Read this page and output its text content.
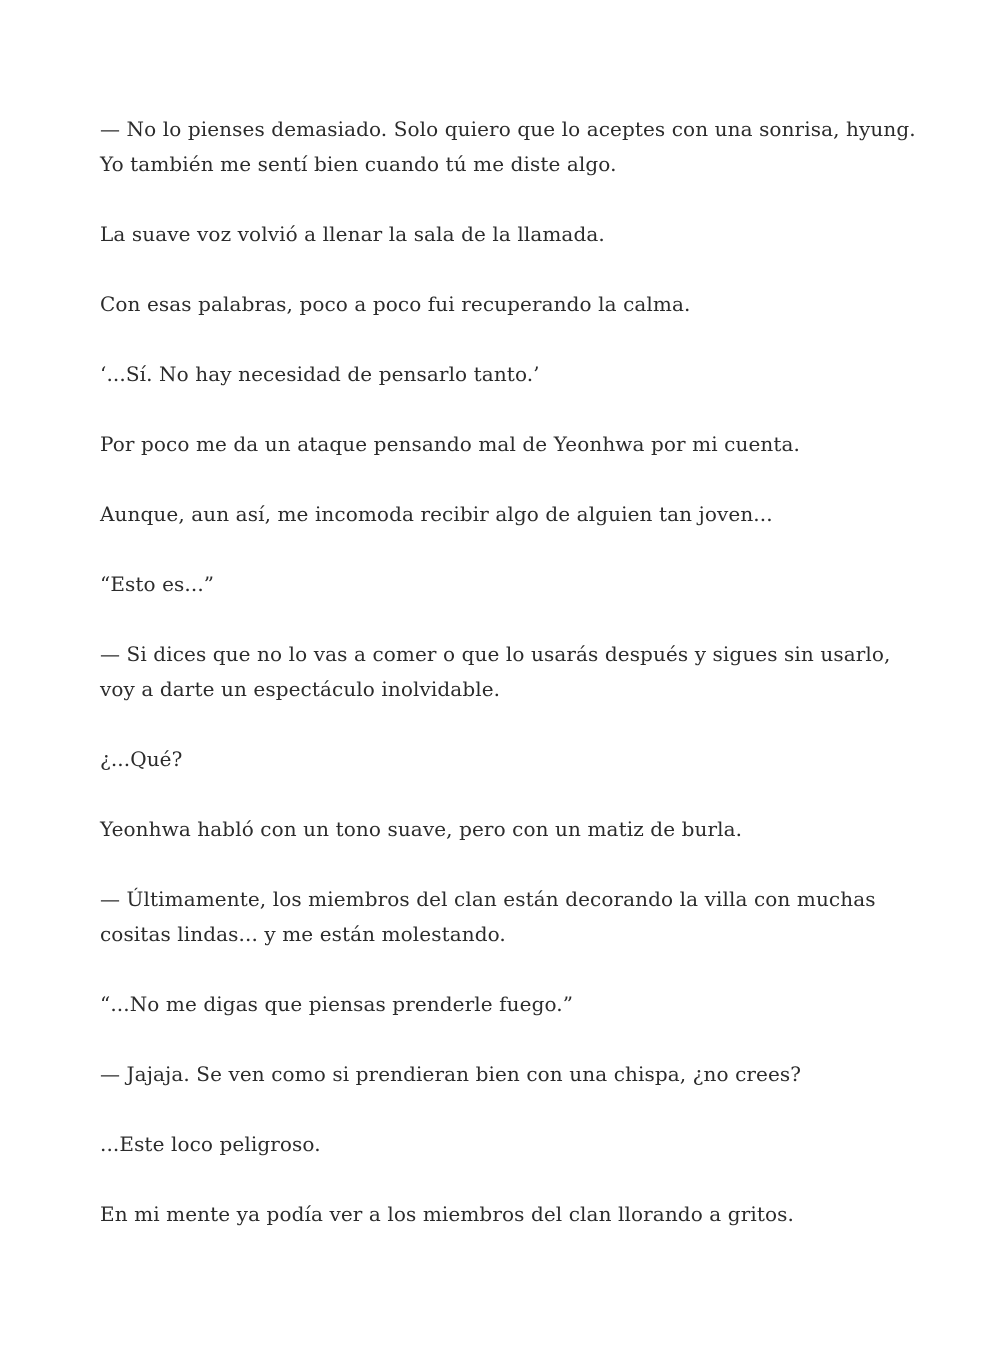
— No lo pienses demasiado. Solo quiero que lo aceptes con una sonrisa, hyung. Yo también me sentí bien cuando tú me diste algo.

La suave voz volvió a llenar la sala de la llamada.

Con esas palabras, poco a poco fui recuperando la calma.

‘...Sí. No hay necesidad de pensarlo tanto.’

Por poco me da un ataque pensando mal de Yeonhwa por mi cuenta.

Aunque, aun así, me incomoda recibir algo de alguien tan joven...

“Esto es...”

— Si dices que no lo vas a comer o que lo usarás después y sigues sin usarlo, voy a darte un espectáculo inolvidable.

¿...Qué?

Yeonhwa habló con un tono suave, pero con un matiz de burla.

— Últimamente, los miembros del clan están decorando la villa con muchas cositas lindas... y me están molestando.

“...No me digas que piensas prenderle fuego.”

— Jajaja. Se ven como si prendieran bien con una chispa, ¿no crees?

...Este loco peligroso.

En mi mente ya podía ver a los miembros del clan llorando a gritos.
